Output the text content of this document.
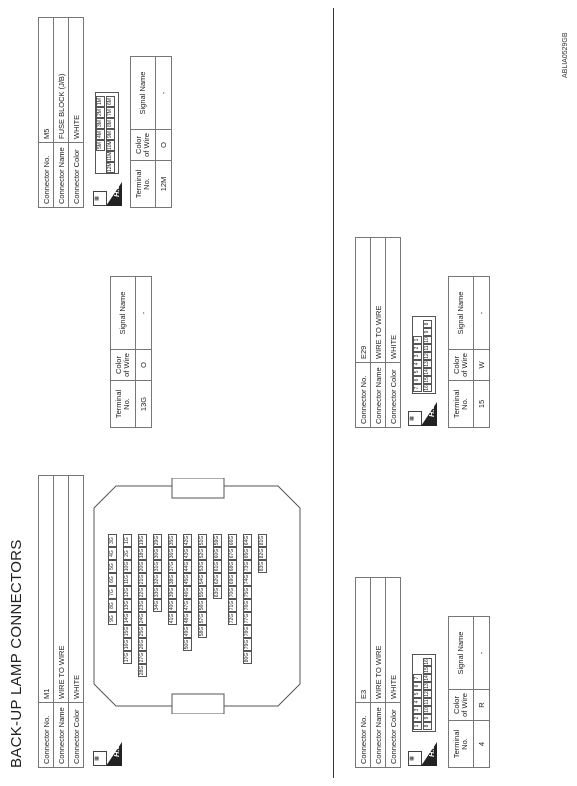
BACK-UP LAMP CONNECTORS Connector No.	M1
Connector Name	WIRE TO WIRE
Connector Color	WHITE
▦
H.S.
9G
8G
7G
6G
5G
4G
3G
17G
16G
15G
14G
13G
12G
11G
10G
2G
1G
28G
27G
26G
25G
24G
23G
22G
21G
20G
18G
19G
34G
33G
32G
31G
30G
29G
41G
40G
39G
38G
37G
36G
35G
50G
49G
48G
47G
46G
45G
44G
43G
42G
58G
57G
56G
55G
54G
53G
52G
51G
63G
62G
61G
60G
59G
72G
71G
70G
69G
68G
67G
66G
80G
79G
78G
77G
76G
75G
74G
73G
65G
64G
83G
82G
81G
Terminal No.	Color of Wire	Signal Name
13G	O	-
Connector No.	M5
Connector Name	FUSE BLOCK (J/B)
Connector Color	WHITE
▦
H.S.
5M
4M
3M
2M
1M
12M
11M
10M
9M
8M
7M
6M
Terminal No.	Color of Wire	Signal Name
12M	O	-
Connector No.	E3
Connector Name	WIRE TO WIRE
Connector Color	WHITE
▦
H.S.
1
2
3
4
5
6
7
8
9
10
11
12
13
14
15
16
Terminal No.	Color of Wire	Signal Name
4	R	-
Connector No.	E29
Connector Name	WIRE TO WIRE
Connector Color	WHITE
▦
H.S.
7
6
5
4
3
2
1
16
15
14
13
12
11
10
9
8
Terminal No.	Color of Wire	Signal Name
15	W	-
ABLIA0529GB
